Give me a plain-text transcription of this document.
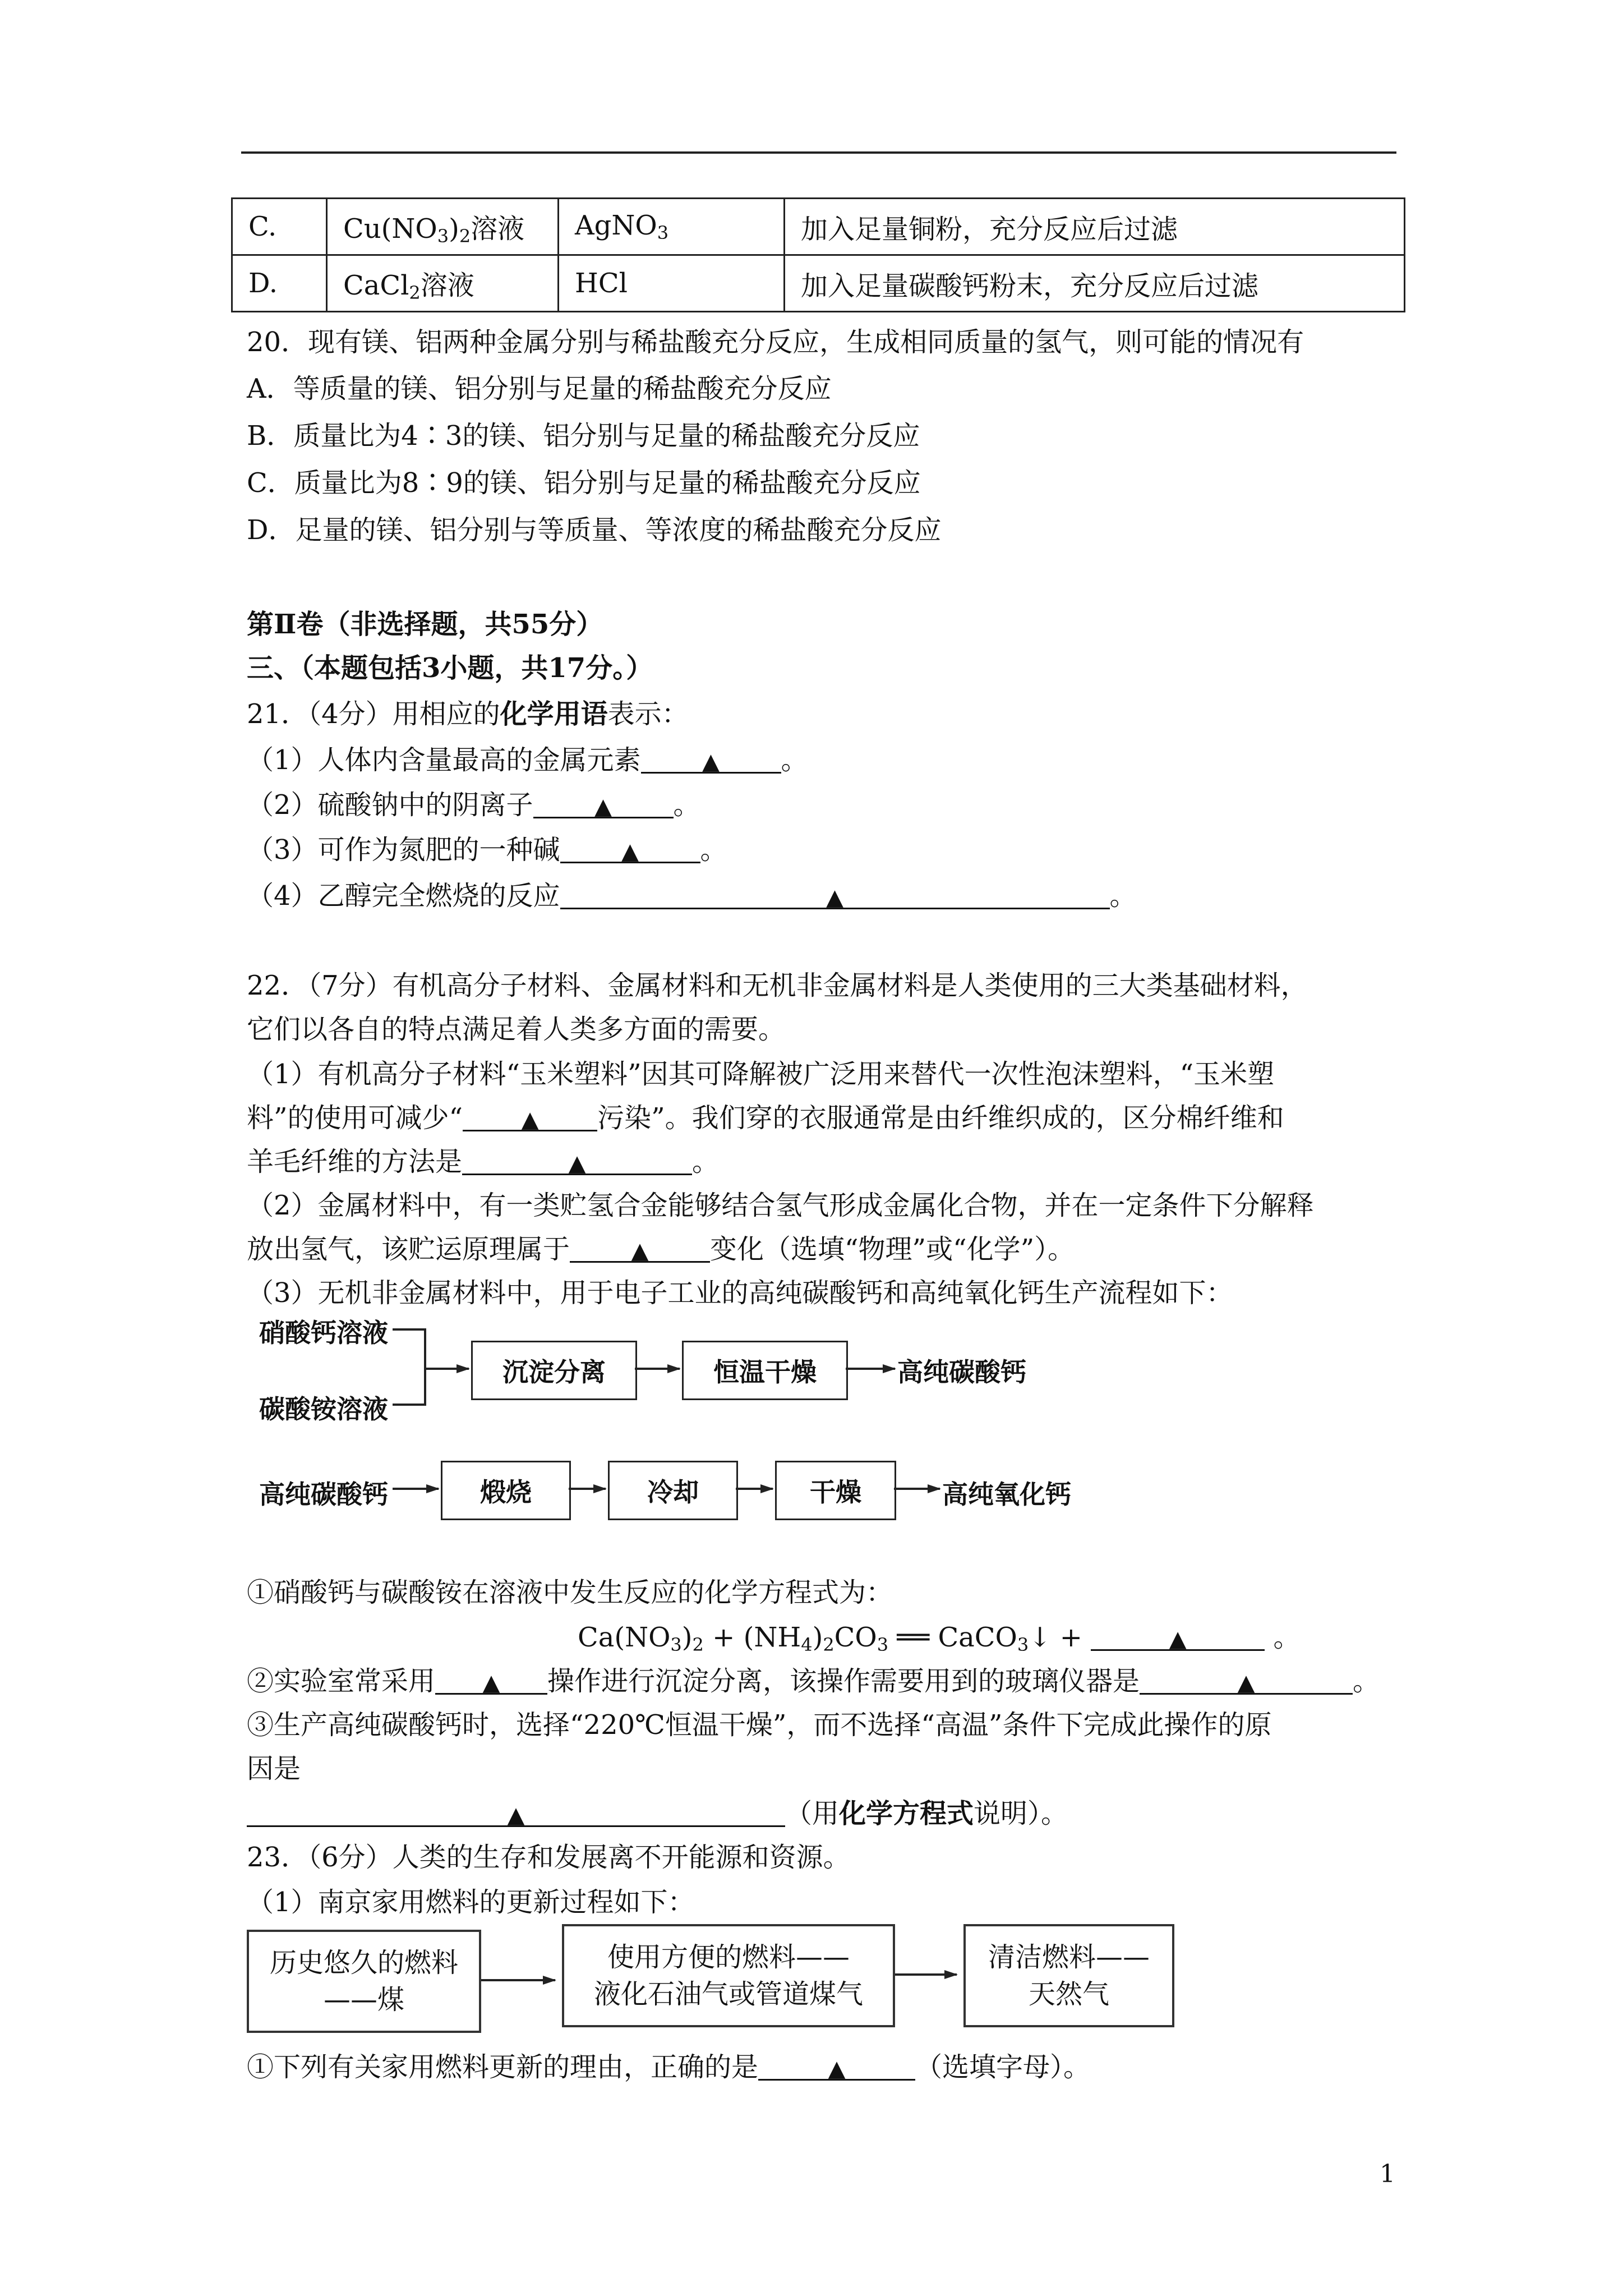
C.	$Cu(NO_3)_2$溶液	AgNO$_3$	加入足量铜粉，充分反应后过滤
D.	CaCl$_2$溶液	HCl	加入足量碳酸钙粉末，充分反应后过滤
20．现有镁、铝两种金属分别与稀盐酸充分反应，生成相同质量的氢气，则可能的情况有
A．等质量的镁、铝分别与足量的稀盐酸充分反应
B．质量比为4∶3的镁、铝分别与足量的稀盐酸充分反应
C．质量比为8∶9的镁、铝分别与足量的稀盐酸充分反应
D．足量的镁、铝分别与等质量、等浓度的稀盐酸充分反应
第Ⅱ卷（非选择题，共55分）
三、（本题包括3小题，共17分。）
21．（4分）用相应的化学用语表示：
（1）人体内含量最高的金属元素	▲ 。
（2）硫酸钠中的阴离子	▲ 。
（3）可作为氮肥的一种碱	▲ 。
（4）乙醇完全燃烧的反应	▲	。
22．（7分）有机高分子材料、金属材料和无机非金属材料是人类使用的三大类基础材料，
它们以各自的特点满足着人类多方面的需要。
（1）有机高分子材料“玉米塑料”因其可降解被广泛用来替代一次性泡沫塑料，“玉米塑
料”的使用可减少“	▲ 污染”。我们穿的衣服通常是由纤维织成的，区分棉纤维和
羊毛纤维的方法是	▲	。
（2）金属材料中，有一类贮氢合金能够结合氢气形成金属化合物，并在一定条件下分解释
放出氢气，该贮运原理属于	▲ 变化（选填“物理”或“化学”）。
（3）无机非金属材料中，用于电子工业的高纯碳酸钙和高纯氧化钙生产流程如下：
硝酸钙溶液
碳酸铵溶液
沉淀分离	恒温干燥	高纯碳酸钙
高纯碳酸钙	煅烧	冷却	干燥	高纯氧化钙
①硝酸钙与碳酸铵在溶液中发生反应的化学方程式为：
$Ca(NO_3)_2 + (NH_4)_2CO_3$ ══ CaCO$_3$↓ +	▲	。
②实验室常采用 ▲ 操作进行沉淀分离，该操作需要用到的玻璃仪器是	▲	。
③生产高纯碳酸钙时，选择“220℃恒温干燥”，而不选择“高温”条件下完成此操作的原
因是
▲	（用化学方程式说明）。
23．（6分）人类的生存和发展离不开能源和资源。
（1）南京家用燃料的更新过程如下：
历史悠久的燃料
——煤
使用方便的燃料——
液化石油气或管道煤气
清洁燃料——
天然气
①下列有关家用燃料更新的理由，正确的是	▲	（选填字母）。
1
